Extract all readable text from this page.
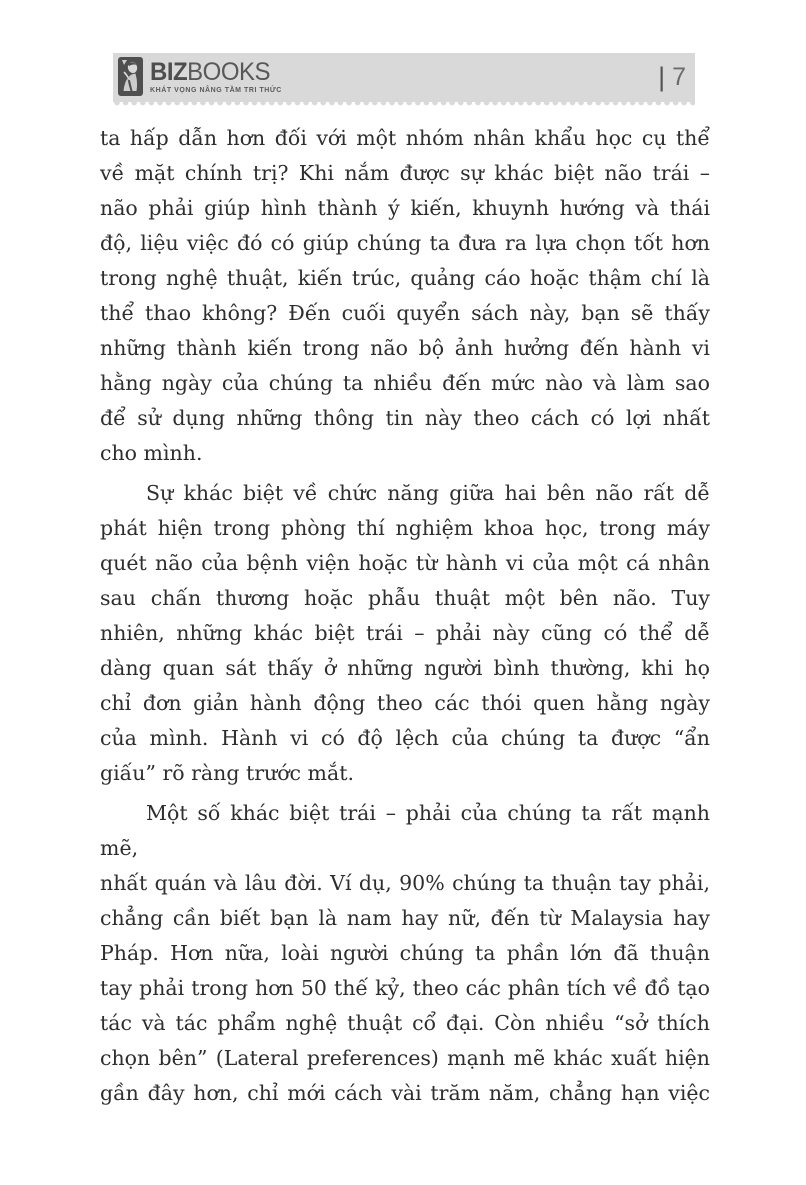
BIZBOOKS
KHÁT VỌNG NÂNG TẦM TRI THỨC	| 7
ta hấp dẫn hơn đối với một nhóm nhân khẩu học cụ thể
về mặt chính trị? Khi nắm được sự khác biệt não trái –
não phải giúp hình thành ý kiến, khuynh hướng và thái
độ, liệu việc đó có giúp chúng ta đưa ra lựa chọn tốt hơn
trong nghệ thuật, kiến trúc, quảng cáo hoặc thậm chí là
thể thao không? Đến cuối quyển sách này, bạn sẽ thấy
những thành kiến trong não bộ ảnh hưởng đến hành vi
hằng ngày của chúng ta nhiều đến mức nào và làm sao
để sử dụng những thông tin này theo cách có lợi nhất
cho mình.
Sự khác biệt về chức năng giữa hai bên não rất dễ
phát hiện trong phòng thí nghiệm khoa học, trong máy
quét não của bệnh viện hoặc từ hành vi của một cá nhân
sau chấn thương hoặc phẫu thuật một bên não. Tuy
nhiên, những khác biệt trái – phải này cũng có thể dễ
dàng quan sát thấy ở những người bình thường, khi họ
chỉ đơn giản hành động theo các thói quen hằng ngày
của mình. Hành vi có độ lệch của chúng ta được “ẩn
giấu” rõ ràng trước mắt.
Một số khác biệt trái – phải của chúng ta rất mạnh mẽ,
nhất quán và lâu đời. Ví dụ, 90% chúng ta thuận tay phải,
chẳng cần biết bạn là nam hay nữ, đến từ Malaysia hay
Pháp. Hơn nữa, loài người chúng ta phần lớn đã thuận
tay phải trong hơn 50 thế kỷ, theo các phân tích về đồ tạo
tác và tác phẩm nghệ thuật cổ đại. Còn nhiều “sở thích
chọn bên” (Lateral preferences) mạnh mẽ khác xuất hiện
gần đây hơn, chỉ mới cách vài trăm năm, chẳng hạn việc
